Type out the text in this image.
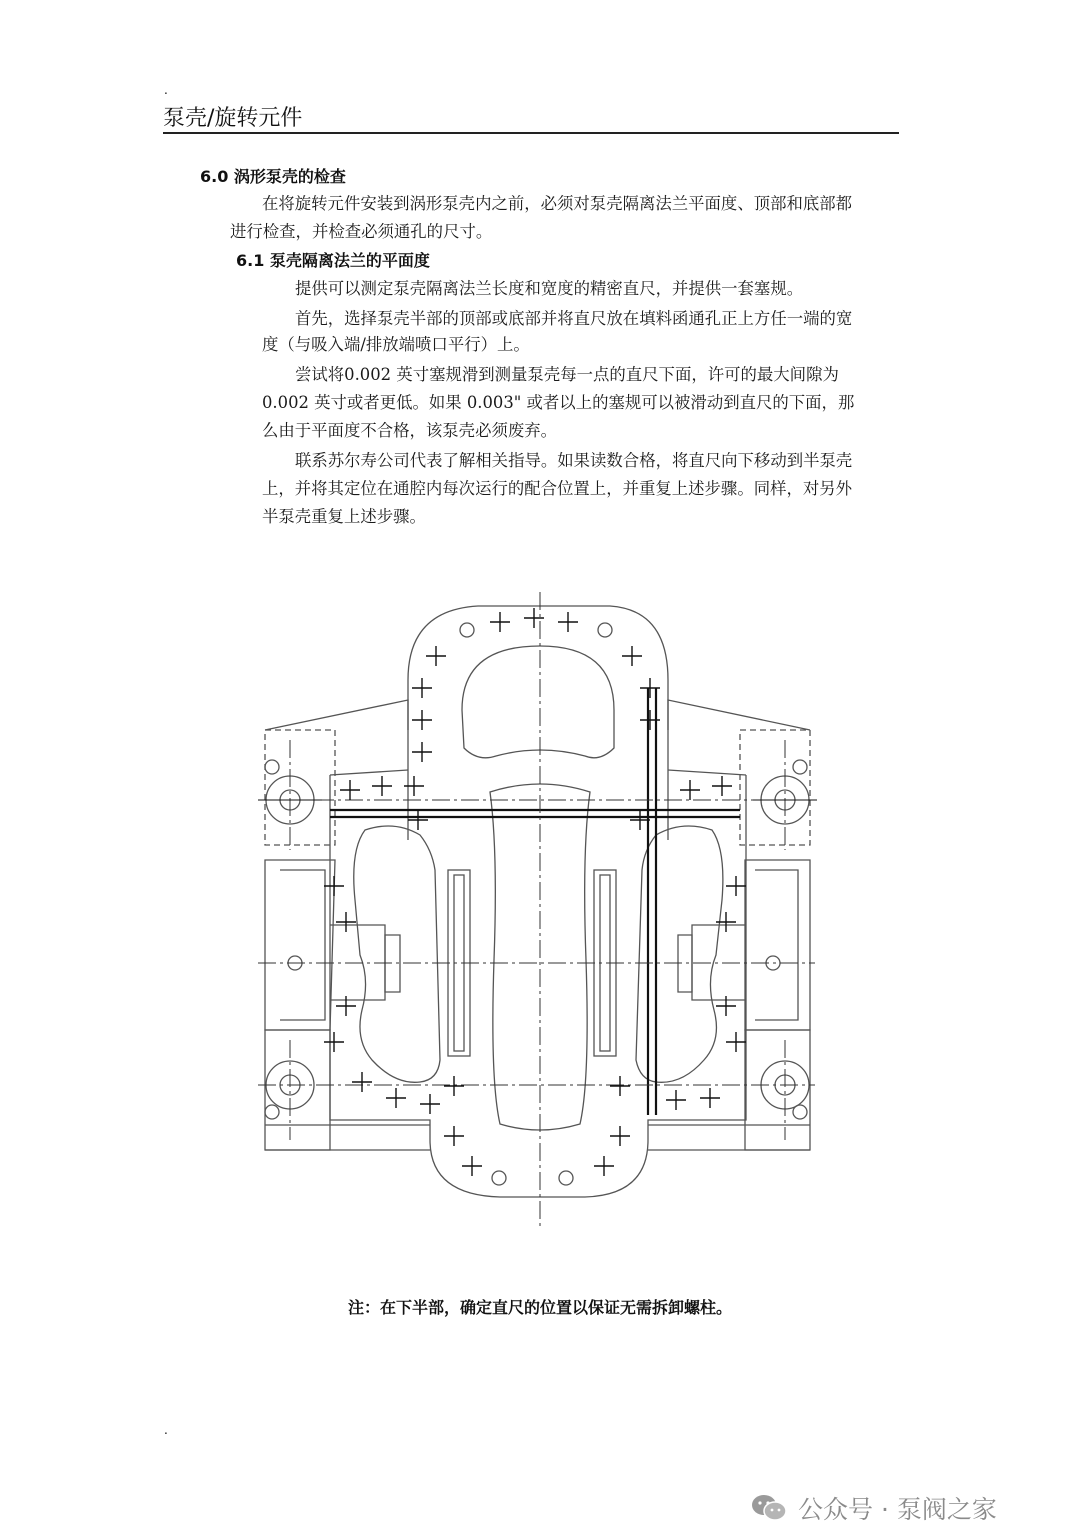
.
泵壳/旋转元件
6.0 涡形泵壳的检查

在将旋转元件安装到涡形泵壳内之前，必须对泵壳隔离法兰平面度、顶部和底部都

进行检查，并检查必须通孔的尺寸。

6.1 泵壳隔离法兰的平面度

提供可以测定泵壳隔离法兰长度和宽度的精密直尺，并提供一套塞规。

首先，选择泵壳半部的顶部或底部并将直尺放在填料函通孔正上方任一端的宽

度（与吸入端/排放端喷口平行）上。

尝试将0.002 英寸塞规滑到测量泵壳每一点的直尺下面，许可的最大间隙为

0.002 英寸或者更低。如果 0.003" 或者以上的塞规可以被滑动到直尺的下面，那

么由于平面度不合格，该泵壳必须废弃。

联系苏尔寿公司代表了解相关指导。如果读数合格，将直尺向下移动到半泵壳

上，并将其定位在通腔内每次运行的配合位置上，并重复上述步骤。同样，对另外

半泵壳重复上述步骤。

注：在下半部，确定直尺的位置以保证无需拆卸螺柱。
.
公众号 · 泵阀之家
